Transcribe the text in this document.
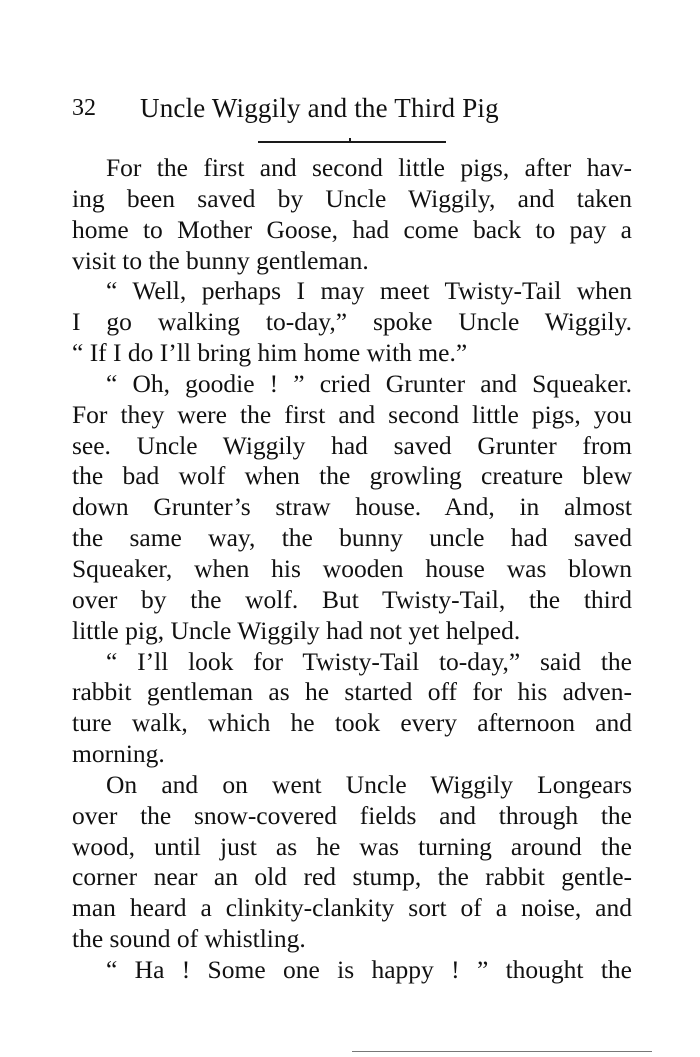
32 Uncle Wiggily and the Third Pig
For the first and second little pigs, after hav-
ing been saved by Uncle Wiggily, and taken
home to Mother Goose, had come back to pay a
visit to the bunny gentleman.
“ Well, perhaps I may meet Twisty-Tail when
I go walking to-day,” spoke Uncle Wiggily.
“ If I do I’ll bring him home with me.”
“ Oh, goodie ! ” cried Grunter and Squeaker.
For they were the first and second little pigs, you
see. Uncle Wiggily had saved Grunter from
the bad wolf when the growling creature blew
down Grunter’s straw house. And, in almost
the same way, the bunny uncle had saved
Squeaker, when his wooden house was blown
over by the wolf. But Twisty-Tail, the third
little pig, Uncle Wiggily had not yet helped.
“ I’ll look for Twisty-Tail to-day,” said the
rabbit gentleman as he started off for his adven-
ture walk, which he took every afternoon and
morning.
On and on went Uncle Wiggily Longears
over the snow-covered fields and through the
wood, until just as he was turning around the
corner near an old red stump, the rabbit gentle-
man heard a clinkity-clankity sort of a noise, and
the sound of whistling.
“ Ha ! Some one is happy ! ” thought the
